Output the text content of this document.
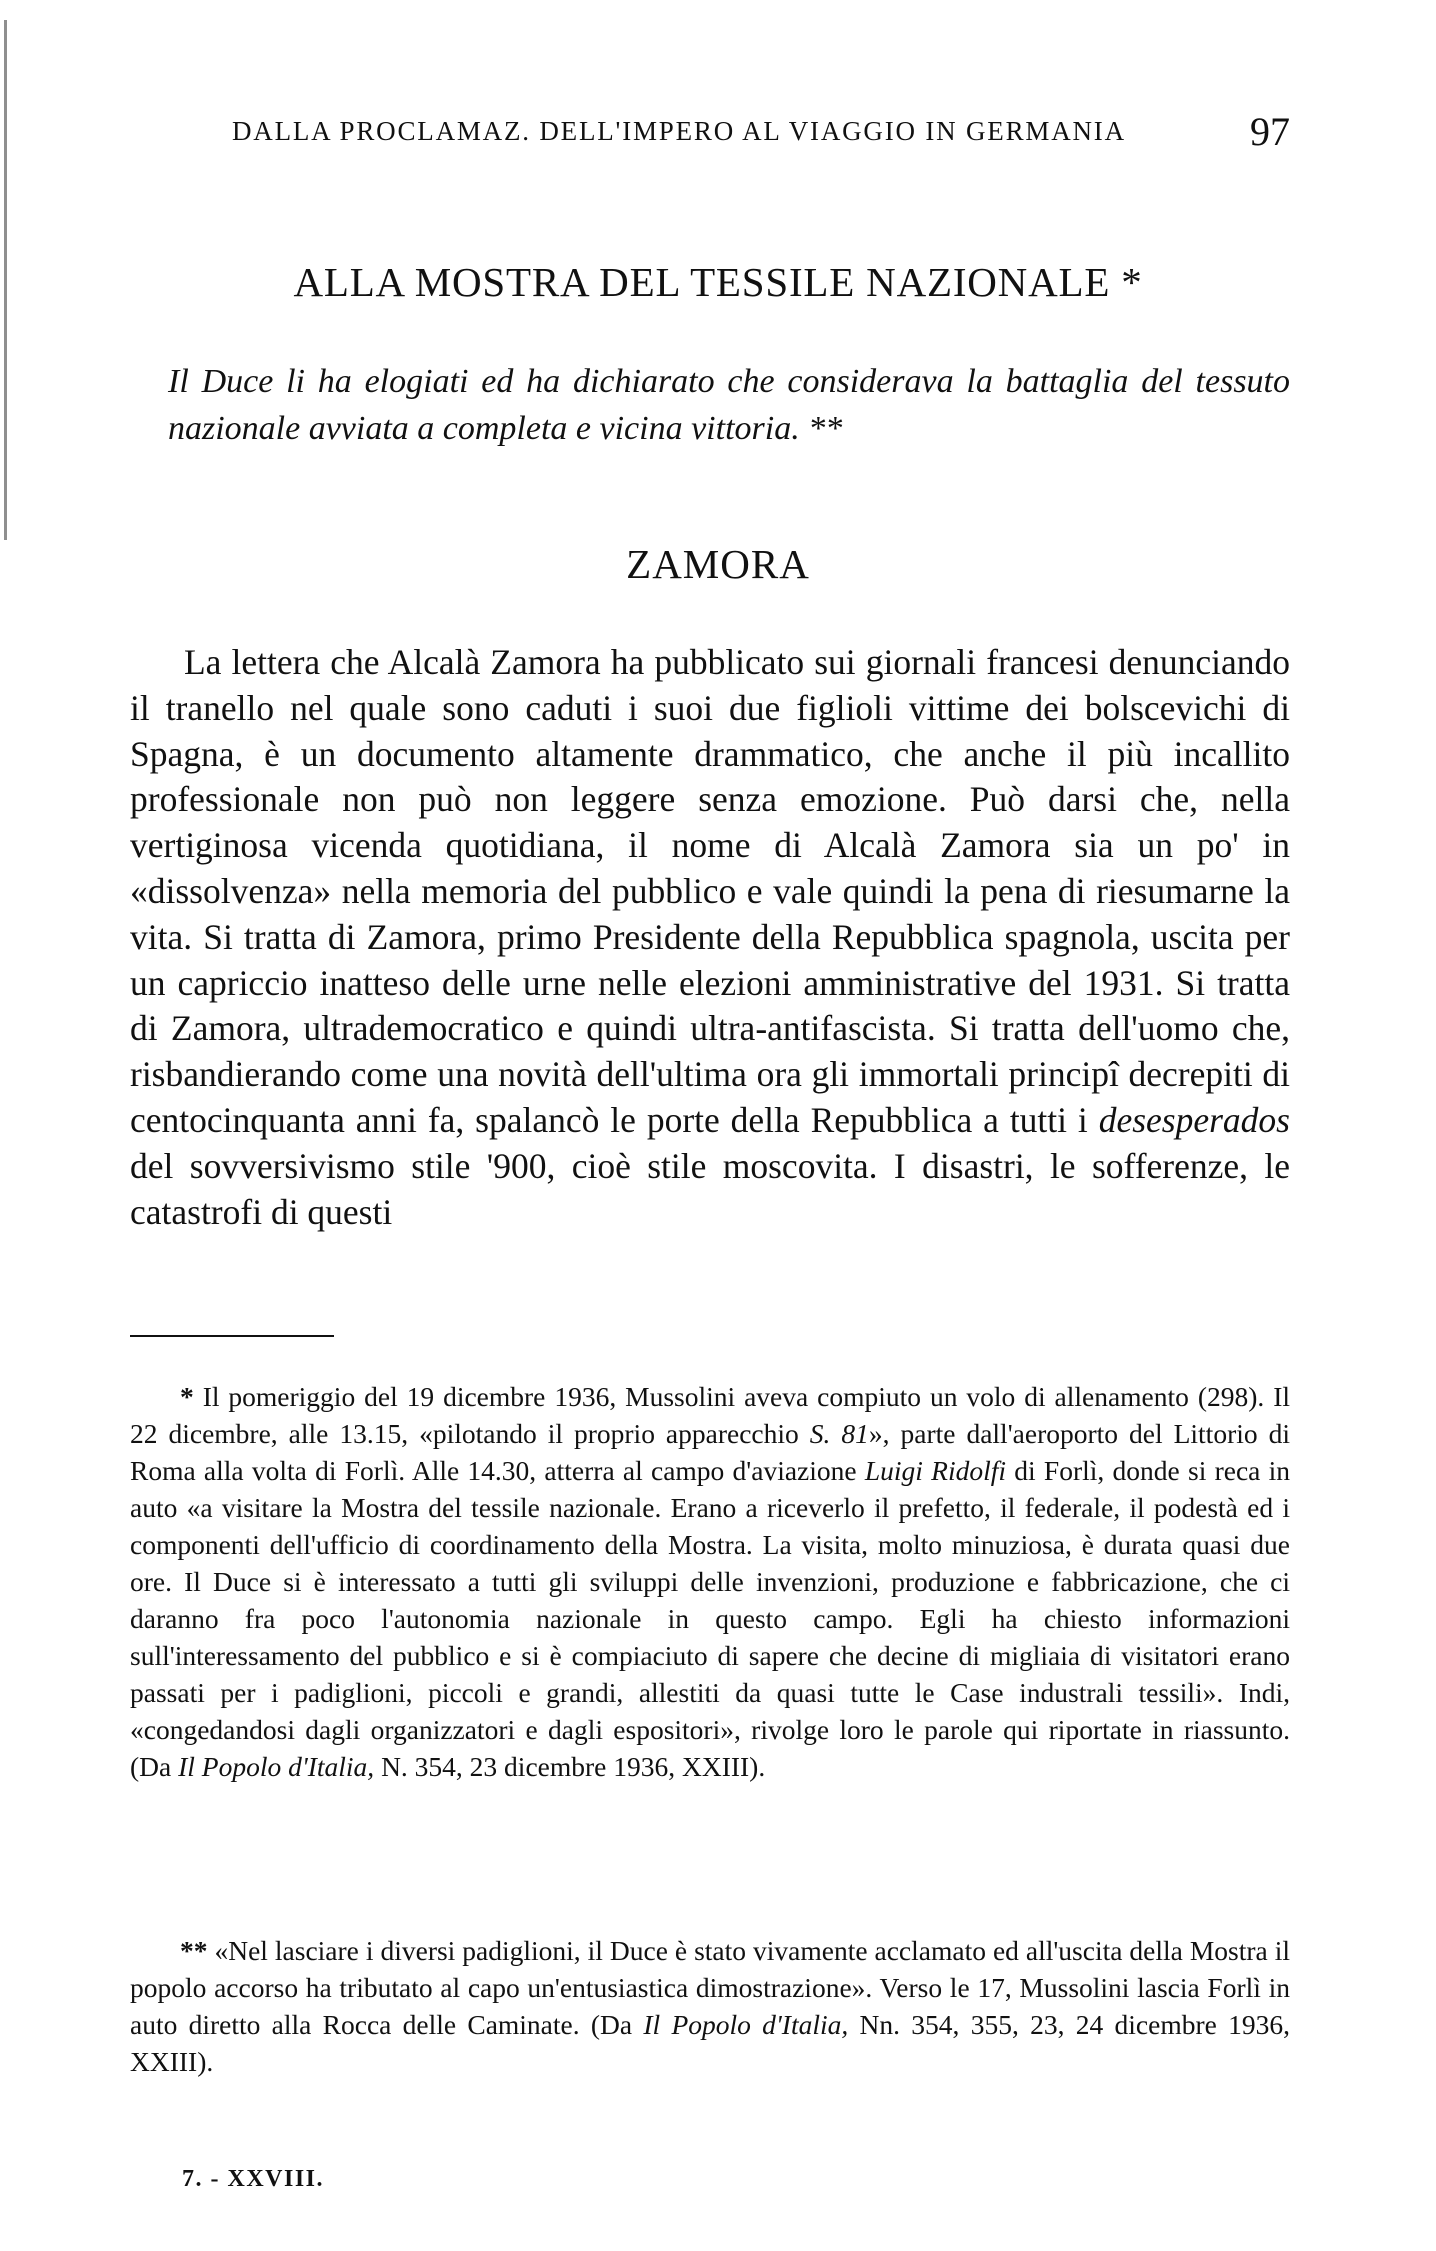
DALLA PROCLAMAZ. DELL'IMPERO AL VIAGGIO IN GERMANIA	97
ALLA MOSTRA DEL TESSILE NAZIONALE *

Il Duce li ha elogiati ed ha dichiarato che considerava la battaglia del tessuto nazionale avviata a completa e vicina vittoria. **

ZAMORA

La lettera che Alcalà Zamora ha pubblicato sui giornali francesi denunciando il tranello nel quale sono caduti i suoi due figlioli vittime dei bolscevichi di Spagna, è un documento altamente drammatico, che anche il più incallito professionale non può non leggere senza emozione. Può darsi che, nella vertiginosa vicenda quotidiana, il nome di Alcalà Zamora sia un po' in «dissolvenza» nella memoria del pubblico e vale quindi la pena di riesumarne la vita. Si tratta di Zamora, primo Presidente della Repubblica spagnola, uscita per un capriccio inatteso delle urne nelle elezioni amministrative del 1931. Si tratta di Zamora, ultrademocratico e quindi ultra-antifascista. Si tratta dell'uomo che, risbandierando come una novità dell'ultima ora gli immortali principî decrepiti di centocinquanta anni fa, spalancò le porte della Repubblica a tutti i desesperados del sovversivismo stile '900, cioè stile moscovita. I disastri, le sofferenze, le catastrofi di questi

* Il pomeriggio del 19 dicembre 1936, Mussolini aveva compiuto un volo di allenamento (298). Il 22 dicembre, alle 13.15, «pilotando il proprio apparecchio S. 81», parte dall'aeroporto del Littorio di Roma alla volta di Forlì. Alle 14.30, atterra al campo d'aviazione Luigi Ridolfi di Forlì, donde si reca in auto «a visitare la Mostra del tessile nazionale. Erano a riceverlo il prefetto, il federale, il podestà ed i componenti dell'ufficio di coordinamento della Mostra. La visita, molto minuziosa, è durata quasi due ore. Il Duce si è interessato a tutti gli sviluppi delle invenzioni, produzione e fabbricazione, che ci daranno fra poco l'autonomia nazionale in questo campo. Egli ha chiesto informazioni sull'interessamento del pubblico e si è compiaciuto di sapere che decine di migliaia di visitatori erano passati per i padiglioni, piccoli e grandi, allestiti da quasi tutte le Case industrali tessili». Indi, «congedandosi dagli organizzatori e dagli espositori», rivolge loro le parole qui riportate in riassunto. (Da Il Popolo d'Italia, N. 354, 23 dicembre 1936, XXIII).

** «Nel lasciare i diversi padiglioni, il Duce è stato vivamente acclamato ed all'uscita della Mostra il popolo accorso ha tributato al capo un'entusiastica dimostrazione». Verso le 17, Mussolini lascia Forlì in auto diretto alla Rocca delle Caminate. (Da Il Popolo d'Italia, Nn. 354, 355, 23, 24 dicembre 1936, XXIII).

7. - XXVIII.
